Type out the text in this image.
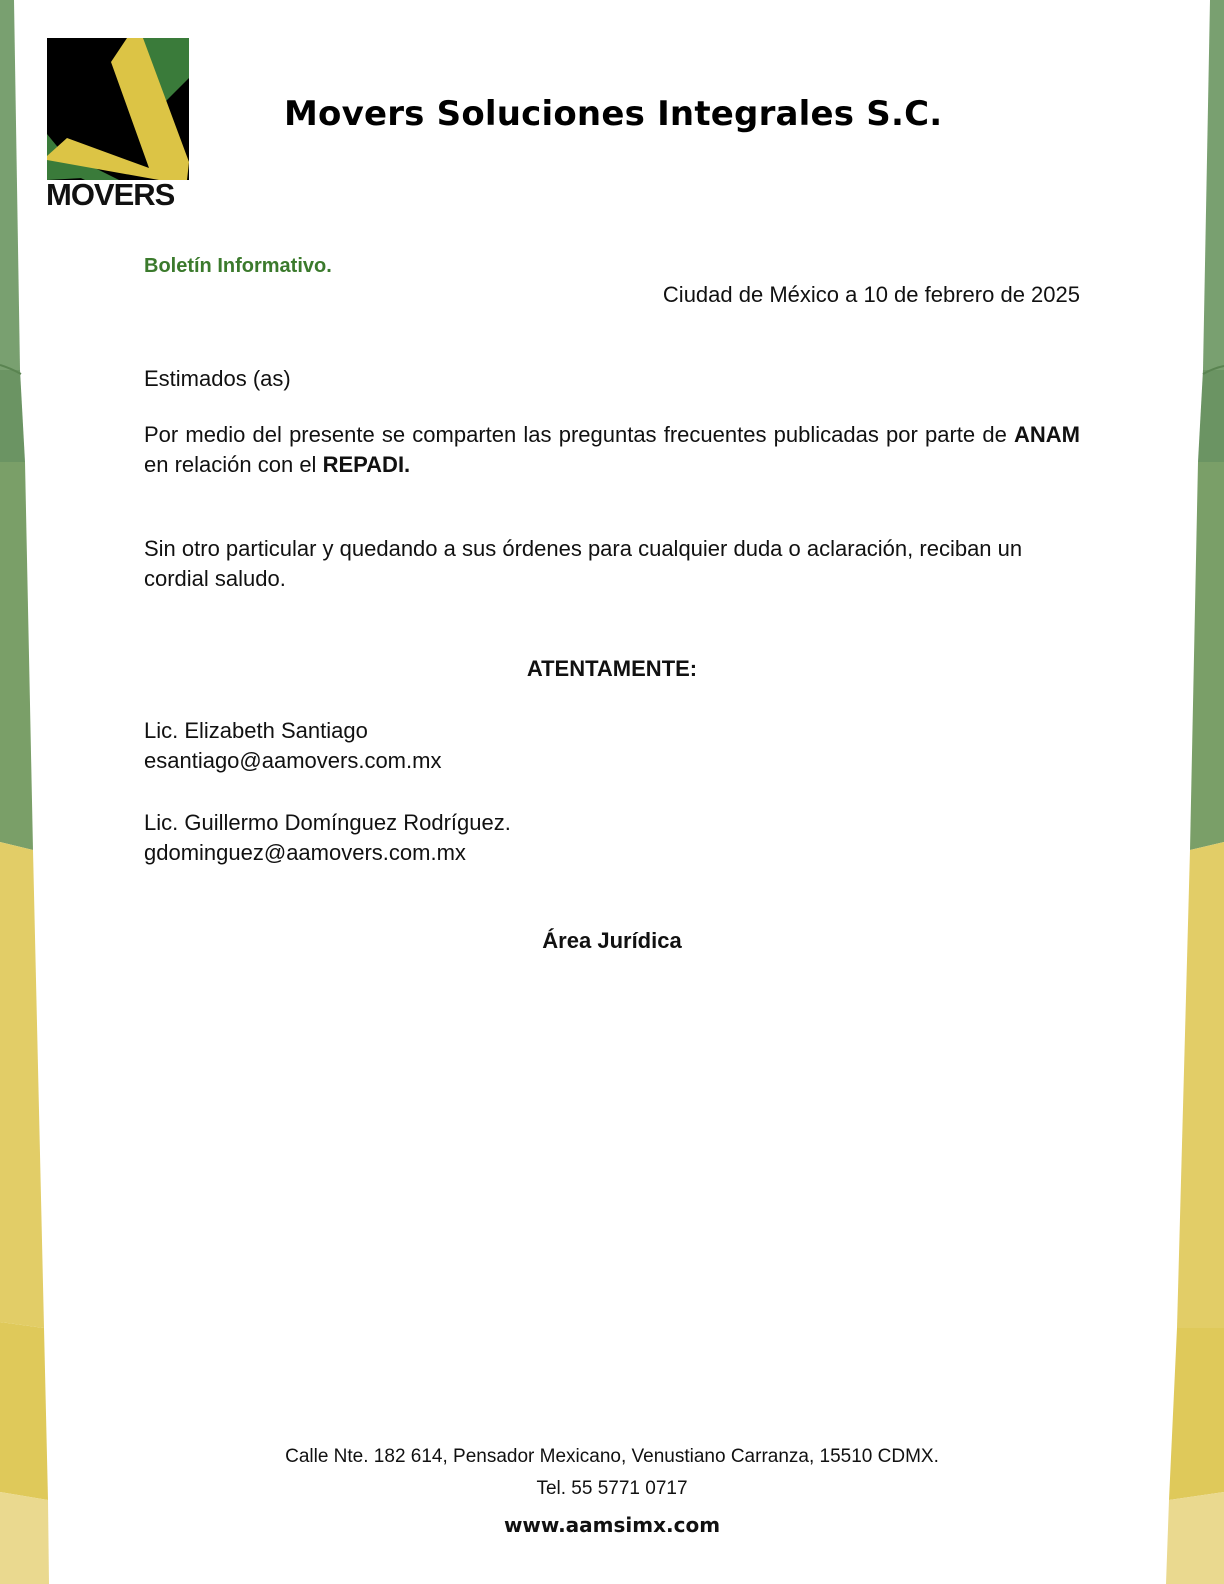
MOVERS
Movers Soluciones Integrales S.C.
Boletín Informativo.
Ciudad de México a 10 de febrero de 2025
Estimados (as)
Por medio del presente se comparten las preguntas frecuentes publicadas por parte de ANAM en relación con el REPADI.
Sin otro particular y quedando a sus órdenes para cualquier duda o aclaración, reciban un cordial saludo.
ATENTAMENTE:
Lic. Elizabeth Santiago
esantiago@aamovers.com.mx
Lic. Guillermo Domínguez Rodríguez.
gdominguez@aamovers.com.mx
Área Jurídica
Calle Nte. 182 614, Pensador Mexicano, Venustiano Carranza, 15510 CDMX.
Tel. 55 5771 0717
www.aamsimx.com
